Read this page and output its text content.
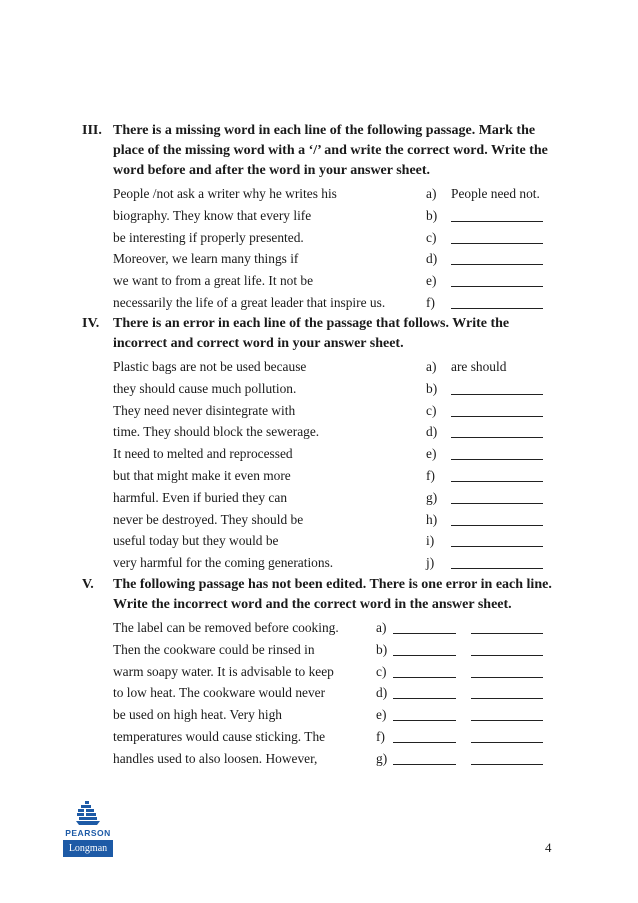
III. There is a missing word in each line of the following passage. Mark the place of the missing word with a ‘/’ and write the correct word. Write the word before and after the word in your answer sheet.
People /not ask a writer why he writes his	a) People need not.
biography. They know that every life	b)
be interesting if properly presented.	c)
Moreover, we learn many things if	d)
we want to from a great life. It not be	e)
necessarily the life of a great leader that inspire us.	f)
IV. There is an error in each line of the passage that follows. Write the incorrect and correct word in your answer sheet.
Plastic bags are not be used because	a) are should
they should cause much pollution.	b)
They need never disintegrate with	c)
time. They should block the sewerage.	d)
It need to melted and reprocessed	e)
but that might make it even more	f)
harmful. Even if buried they can	g)
never be destroyed. They should be	h)
useful today but they would be	i)
very harmful for the coming generations.	j)
V.	The following passage has not been edited. There is one error in each line. Write the incorrect word and the correct word in the answer sheet.
The label can be removed before cooking.	a)
Then the cookware could be rinsed in	b)
warm soapy water. It is advisable to keep	c)
to low heat. The cookware would never	d)
be used on high heat. Very high	e)
temperatures would cause sticking. The	f)
handles used to also loosen. However,	g)
PEARSON
Longman	4
